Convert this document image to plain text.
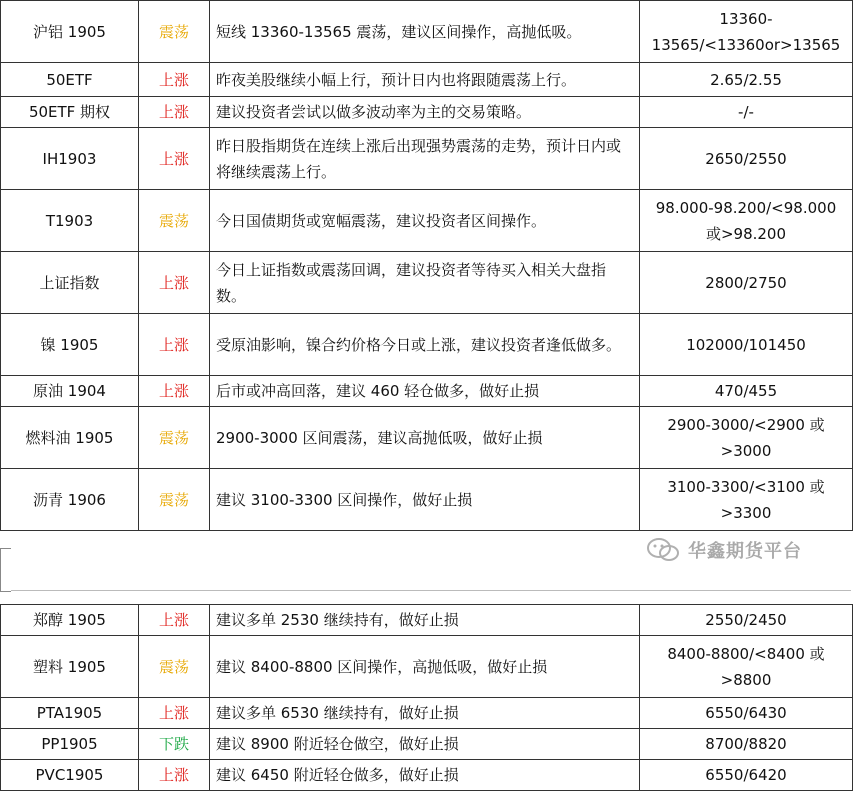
沪铝 1905	震荡	短线 13360-13565 震荡，建议区间操作，高抛低吸。	13360-13565/<13360or>13565
50ETF	上涨	昨夜美股继续小幅上行，预计日内也将跟随震荡上行。	2.65/2.55
50ETF 期权	上涨	建议投资者尝试以做多波动率为主的交易策略。	-/-
IH1903	上涨	昨日股指期货在连续上涨后出现强势震荡的走势，预计日内或将继续震荡上行。	2650/2550
T1903	震荡	今日国债期货或宽幅震荡，建议投资者区间操作。	98.000-98.200/<98.000 或>98.200
上证指数	上涨	今日上证指数或震荡回调，建议投资者等待买入相关大盘指数。	2800/2750
镍 1905	上涨	受原油影响，镍合约价格今日或上涨，建议投资者逢低做多。	102000/101450
原油 1904	上涨	后市或冲高回落，建议 460 轻仓做多，做好止损	470/455
燃料油 1905	震荡	2900-3000 区间震荡，建议高抛低吸，做好止损	2900-3000/<2900 或>3000
沥青 1906	震荡	建议 3100-3300 区间操作，做好止损	3100-3300/<3100 或>3300
华鑫期货平台
郑醇 1905	上涨	建议多单 2530 继续持有，做好止损	2550/2450
塑料 1905	震荡	建议 8400-8800 区间操作，高抛低吸，做好止损	8400-8800/<8400 或>8800
PTA1905	上涨	建议多单 6530 继续持有，做好止损	6550/6430
PP1905	下跌	建议 8900 附近轻仓做空，做好止损	8700/8820
PVC1905	上涨	建议 6450 附近轻仓做多，做好止损	6550/6420
